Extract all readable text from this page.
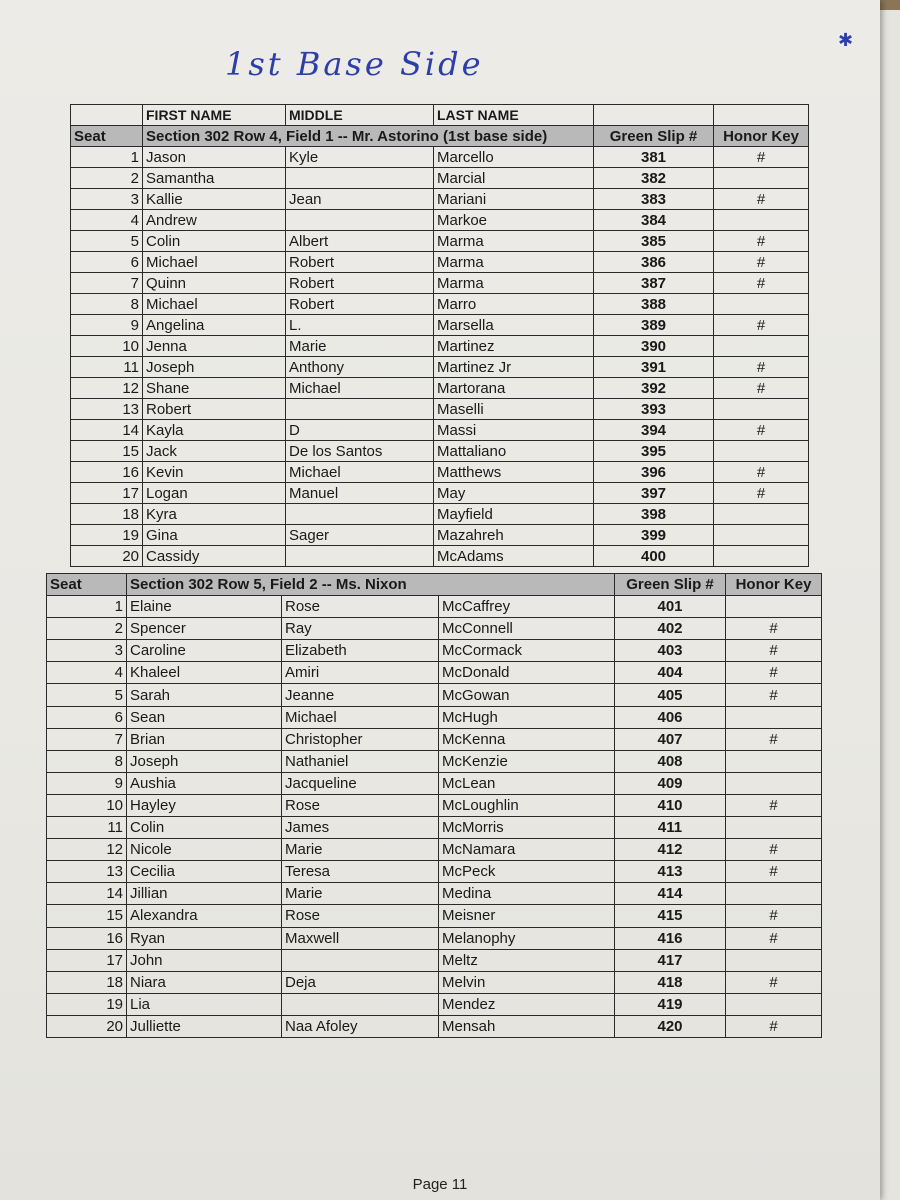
1st Base Side
✱
	FIRST NAME	MIDDLE	LAST NAME		
Seat	Section 302 Row 4, Field 1 -- Mr. Astorino (1st base side)			Green Slip #	Honor Key
1	Jason	Kyle	Marcello	381	#
2	Samantha		Marcial	382	
3	Kallie	Jean	Mariani	383	#
4	Andrew		Markoe	384	
5	Colin	Albert	Marma	385	#
6	Michael	Robert	Marma	386	#
7	Quinn	Robert	Marma	387	#
8	Michael	Robert	Marro	388	
9	Angelina	L.	Marsella	389	#
10	Jenna	Marie	Martinez	390	
11	Joseph	Anthony	Martinez Jr	391	#
12	Shane	Michael	Martorana	392	#
13	Robert		Maselli	393	
14	Kayla	D	Massi	394	#
15	Jack	De los Santos	Mattaliano	395	
16	Kevin	Michael	Matthews	396	#
17	Logan	Manuel	May	397	#
18	Kyra		Mayfield	398	
19	Gina	Sager	Mazahreh	399	
20	Cassidy		McAdams	400	
Seat	Section 302 Row 5, Field 2 -- Ms. Nixon			Green Slip #	Honor Key
1	Elaine	Rose	McCaffrey	401	
2	Spencer	Ray	McConnell	402	#
3	Caroline	Elizabeth	McCormack	403	#
4	Khaleel	Amiri	McDonald	404	#
5	Sarah	Jeanne	McGowan	405	#
6	Sean	Michael	McHugh	406	
7	Brian	Christopher	McKenna	407	#
8	Joseph	Nathaniel	McKenzie	408	
9	Aushia	Jacqueline	McLean	409	
10	Hayley	Rose	McLoughlin	410	#
11	Colin	James	McMorris	411	
12	Nicole	Marie	McNamara	412	#
13	Cecilia	Teresa	McPeck	413	#
14	Jillian	Marie	Medina	414	
15	Alexandra	Rose	Meisner	415	#
16	Ryan	Maxwell	Melanophy	416	#
17	John		Meltz	417	
18	Niara	Deja	Melvin	418	#
19	Lia		Mendez	419	
20	Julliette	Naa Afoley	Mensah	420	#
Page 11
